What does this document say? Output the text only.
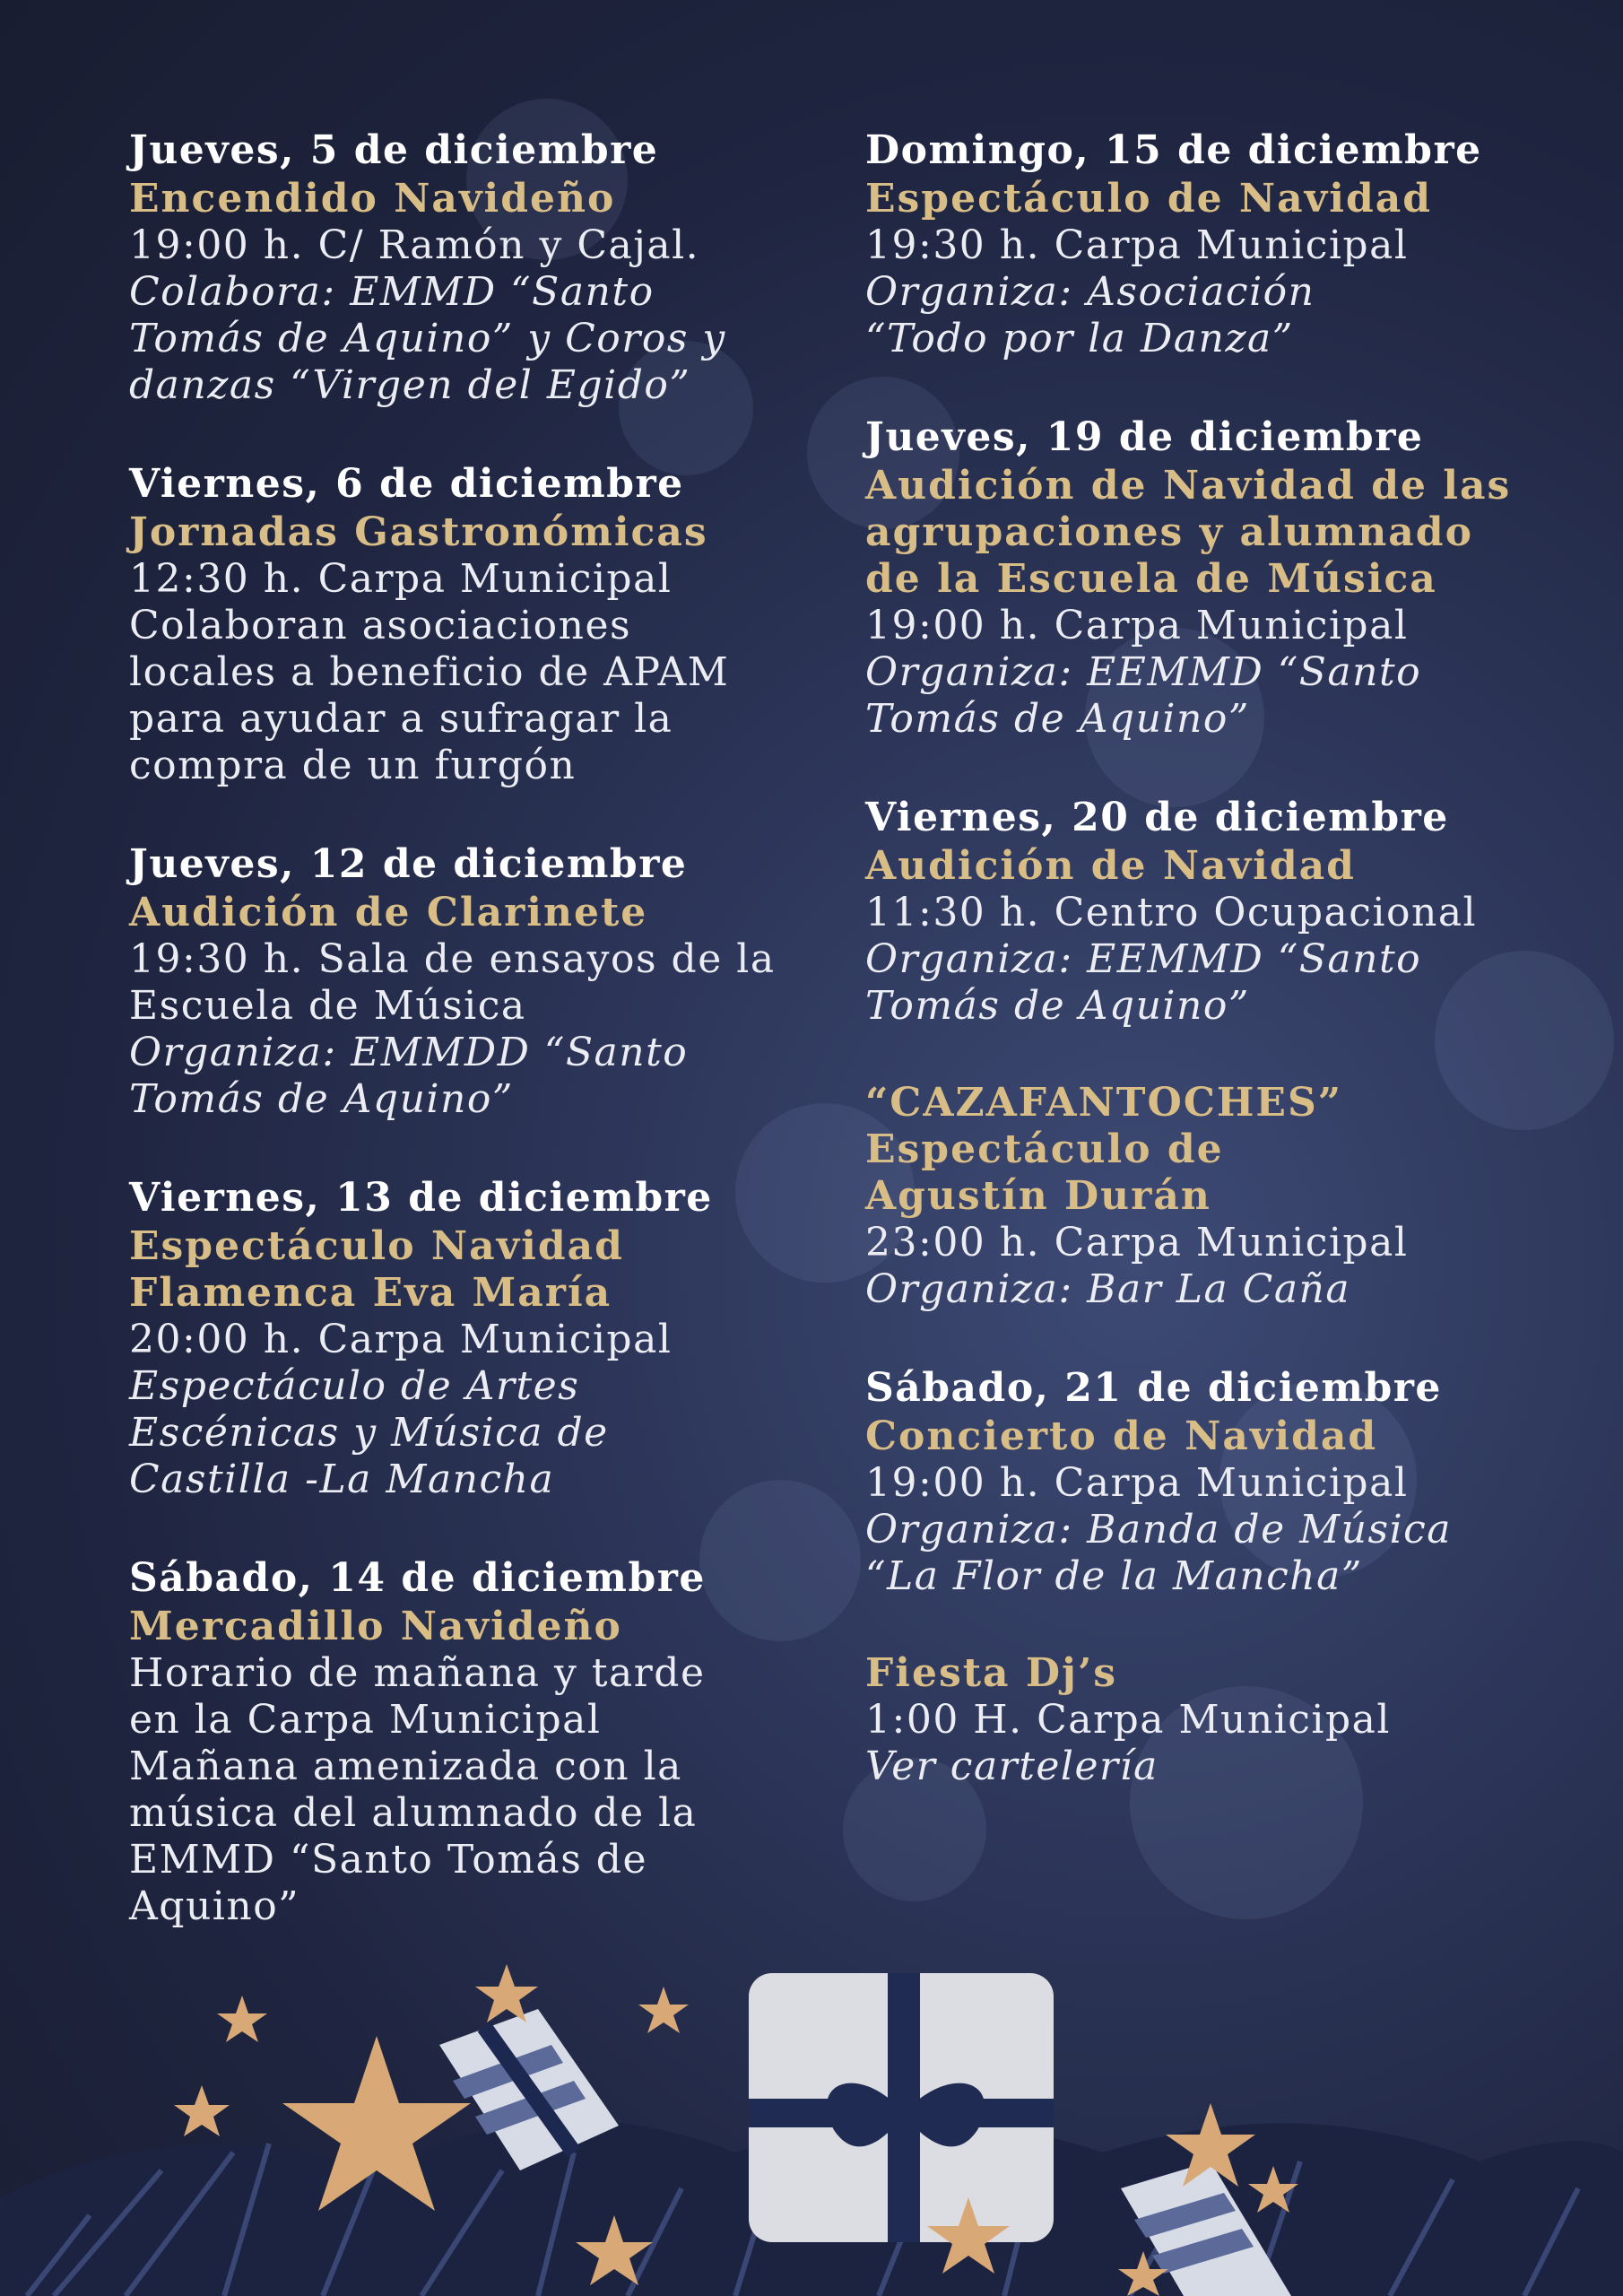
Jueves, 5 de diciembre
Encendido Navideño
19:00 h. C/ Ramón y Cajal.
Colabora: EMMD “Santo
Tomás de Aquino” y Coros y
danzas “Virgen del Egido”
Viernes, 6 de diciembre
Jornadas Gastronómicas
12:30 h. Carpa Municipal
Colaboran asociaciones
locales a beneficio de APAM
para ayudar a sufragar la
compra de un furgón
Jueves, 12 de diciembre
Audición de Clarinete
19:30 h. Sala de ensayos de la
Escuela de Música
Organiza: EMMDD “Santo
Tomás de Aquino”
Viernes, 13 de diciembre
Espectáculo Navidad
Flamenca Eva María
20:00 h. Carpa Municipal
Espectáculo de Artes
Escénicas y Música de
Castilla -La Mancha
Sábado, 14 de diciembre
Mercadillo Navideño
Horario de mañana y tarde
en la Carpa Municipal
Mañana amenizada con la
música del alumnado de la
EMMD “Santo Tomás de
Aquino”
Domingo, 15 de diciembre
Espectáculo de Navidad
19:30 h. Carpa Municipal
Organiza: Asociación
“Todo por la Danza”
Jueves, 19 de diciembre
Audición de Navidad de las
agrupaciones y alumnado
de la Escuela de Música
19:00 h. Carpa Municipal
Organiza: EEMMD “Santo
Tomás de Aquino”
Viernes, 20 de diciembre
Audición de Navidad
11:30 h. Centro Ocupacional
Organiza: EEMMD “Santo
Tomás de Aquino”
“CAZAFANTOCHES”
Espectáculo de
Agustín Durán
23:00 h. Carpa Municipal
Organiza: Bar La Caña
Sábado, 21 de diciembre
Concierto de Navidad
19:00 h. Carpa Municipal
Organiza: Banda de Música
“La Flor de la Mancha”
Fiesta Dj’s
1:00 H. Carpa Municipal
Ver cartelería
